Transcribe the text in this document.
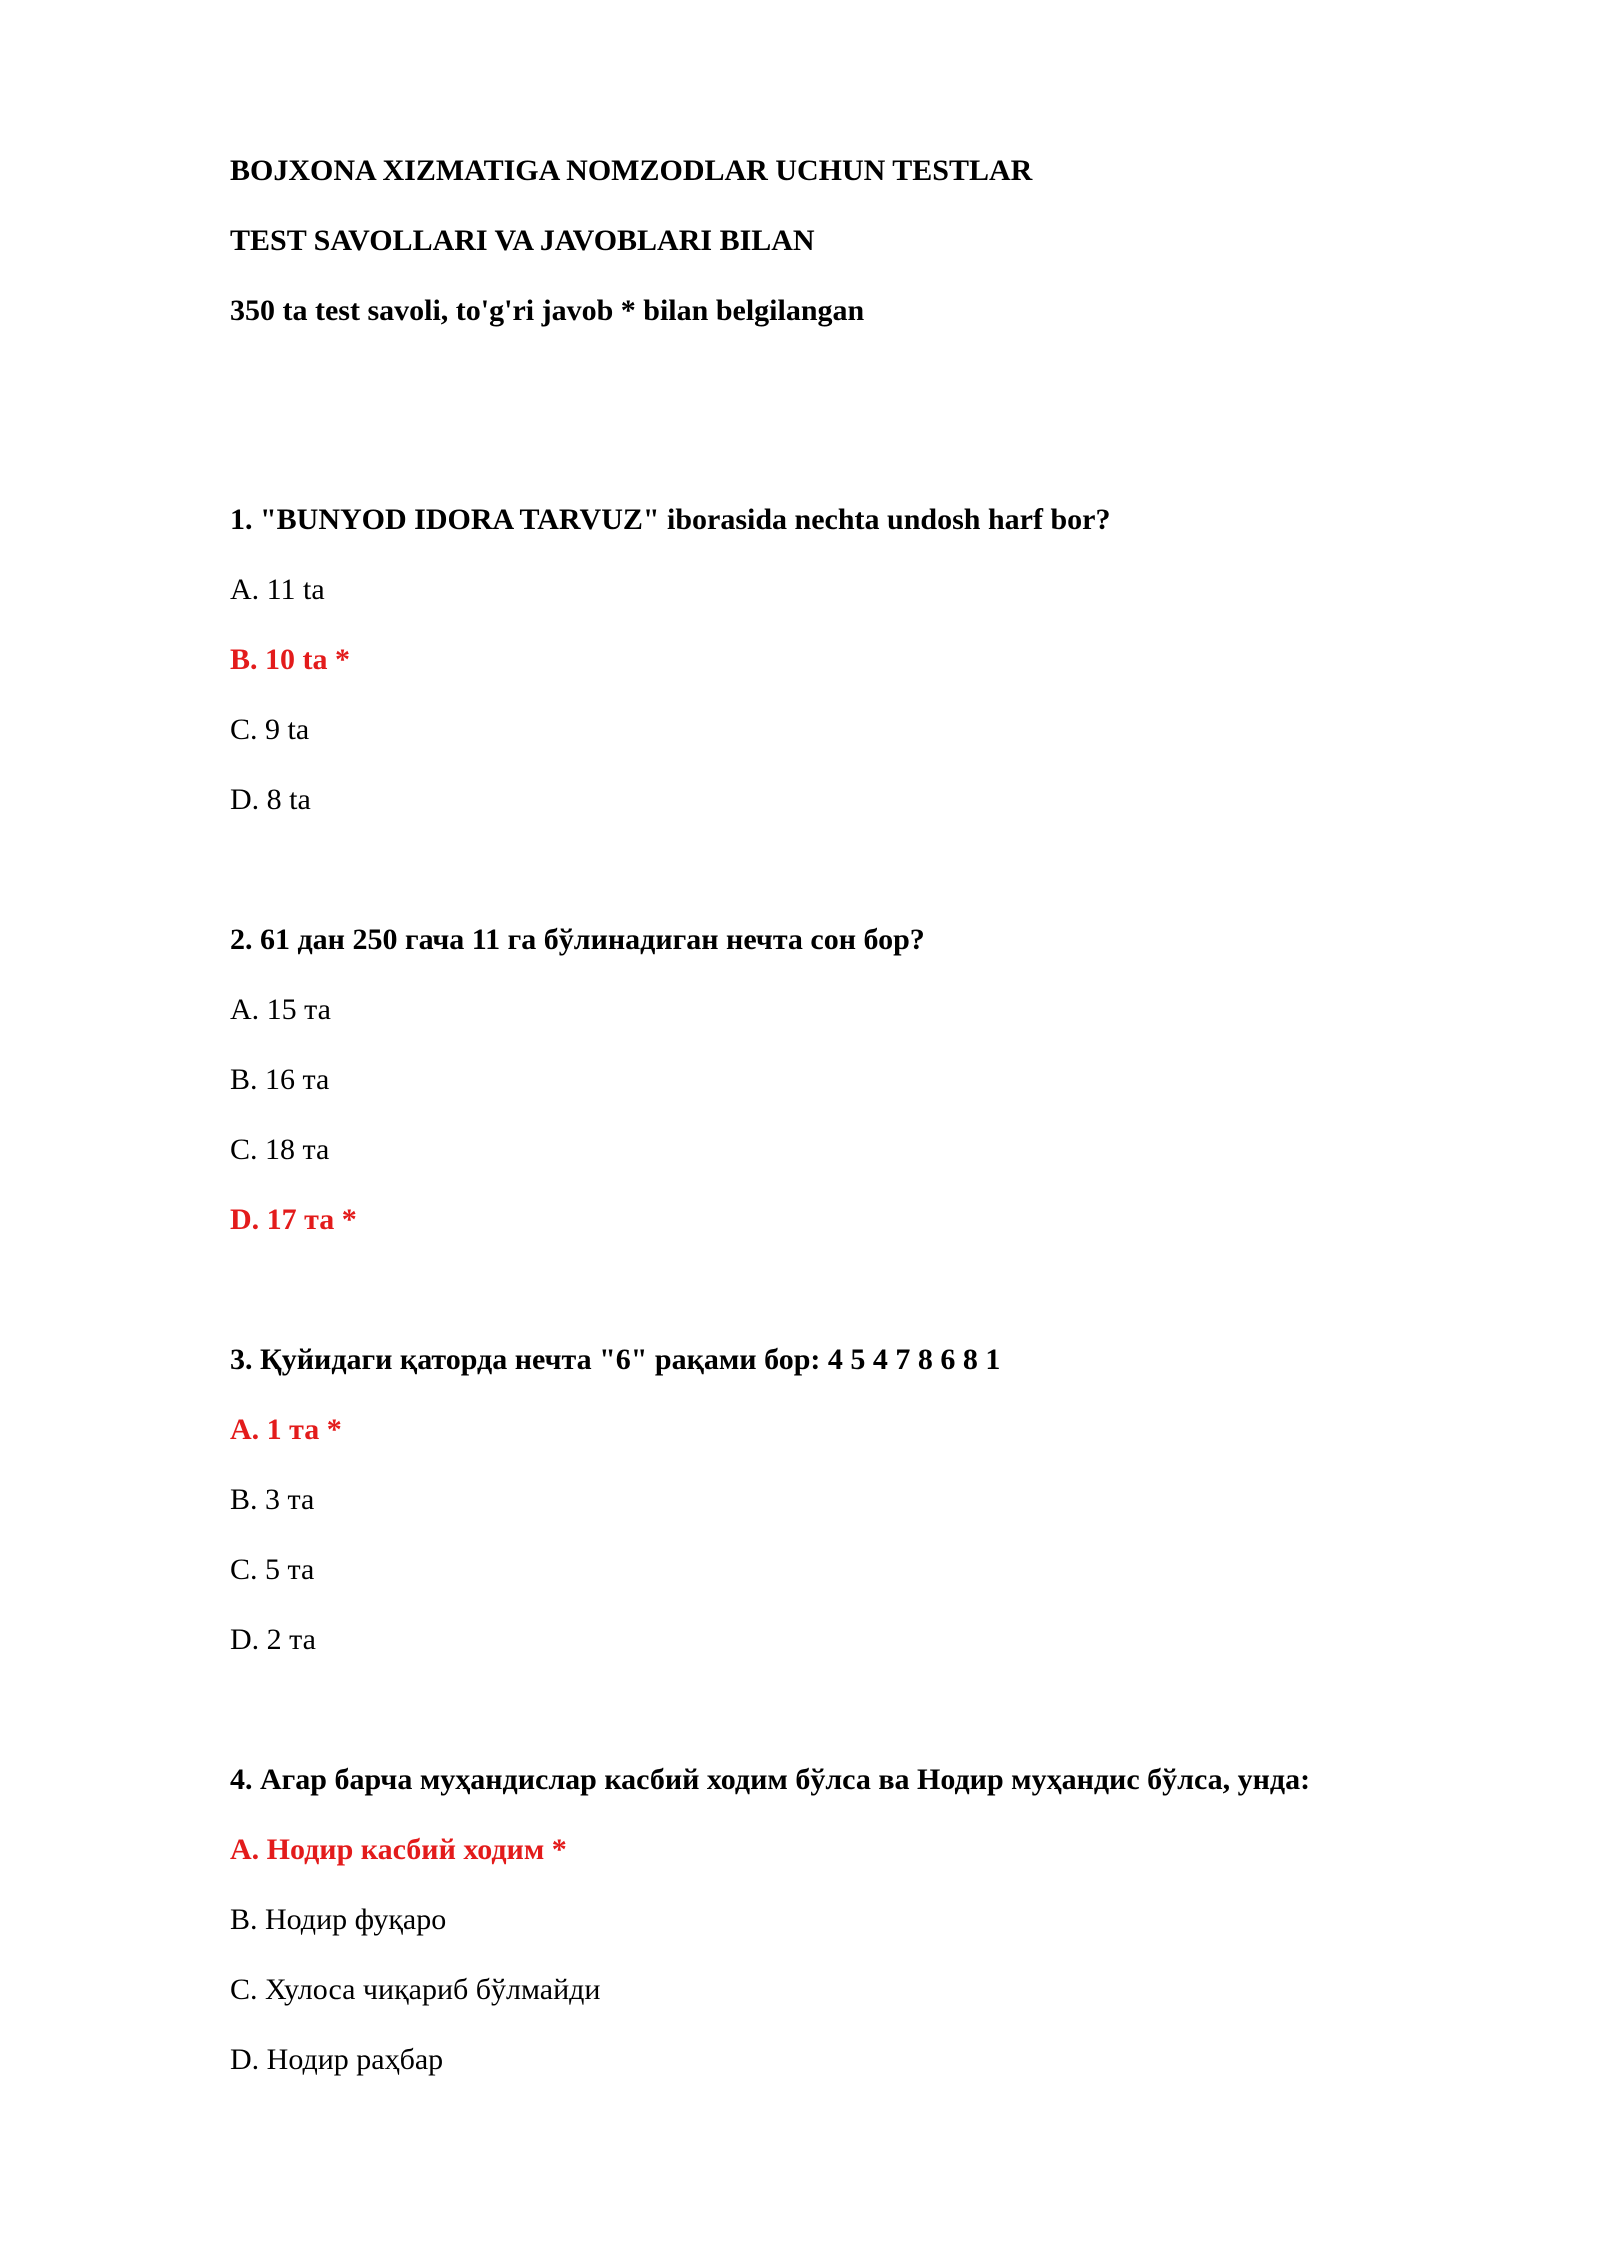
BOJXONA XIZMATIGA NOMZODLAR UCHUN TESTLAR
TEST SAVOLLARI VA JAVOBLARI BILAN
350 ta test savoli, to'g'ri javob * bilan belgilangan
1. "BUNYOD IDORA TARVUZ" iborasida nechta undosh harf bor?
A. 11 ta
B. 10 ta *
C. 9 ta
D. 8 ta
2. 61 дан 250 гача 11 га бўлинадиган нечта сон бор?
A. 15 та
B. 16 та
C. 18 та
D. 17 та *
3. Қуйидаги қаторда нечта "6" рақами бор: 4 5 4 7 8 6 8 1
A. 1 та *
B. 3 та
C. 5 та
D. 2 та
4. Агар барча муҳандислар касбий ходим бўлса ва Нодир муҳандис бўлса, унда:
A. Нодир касбий ходим *
B. Нодир фуқаро
C. Хулоса чиқариб бўлмайди
D. Нодир раҳбар
